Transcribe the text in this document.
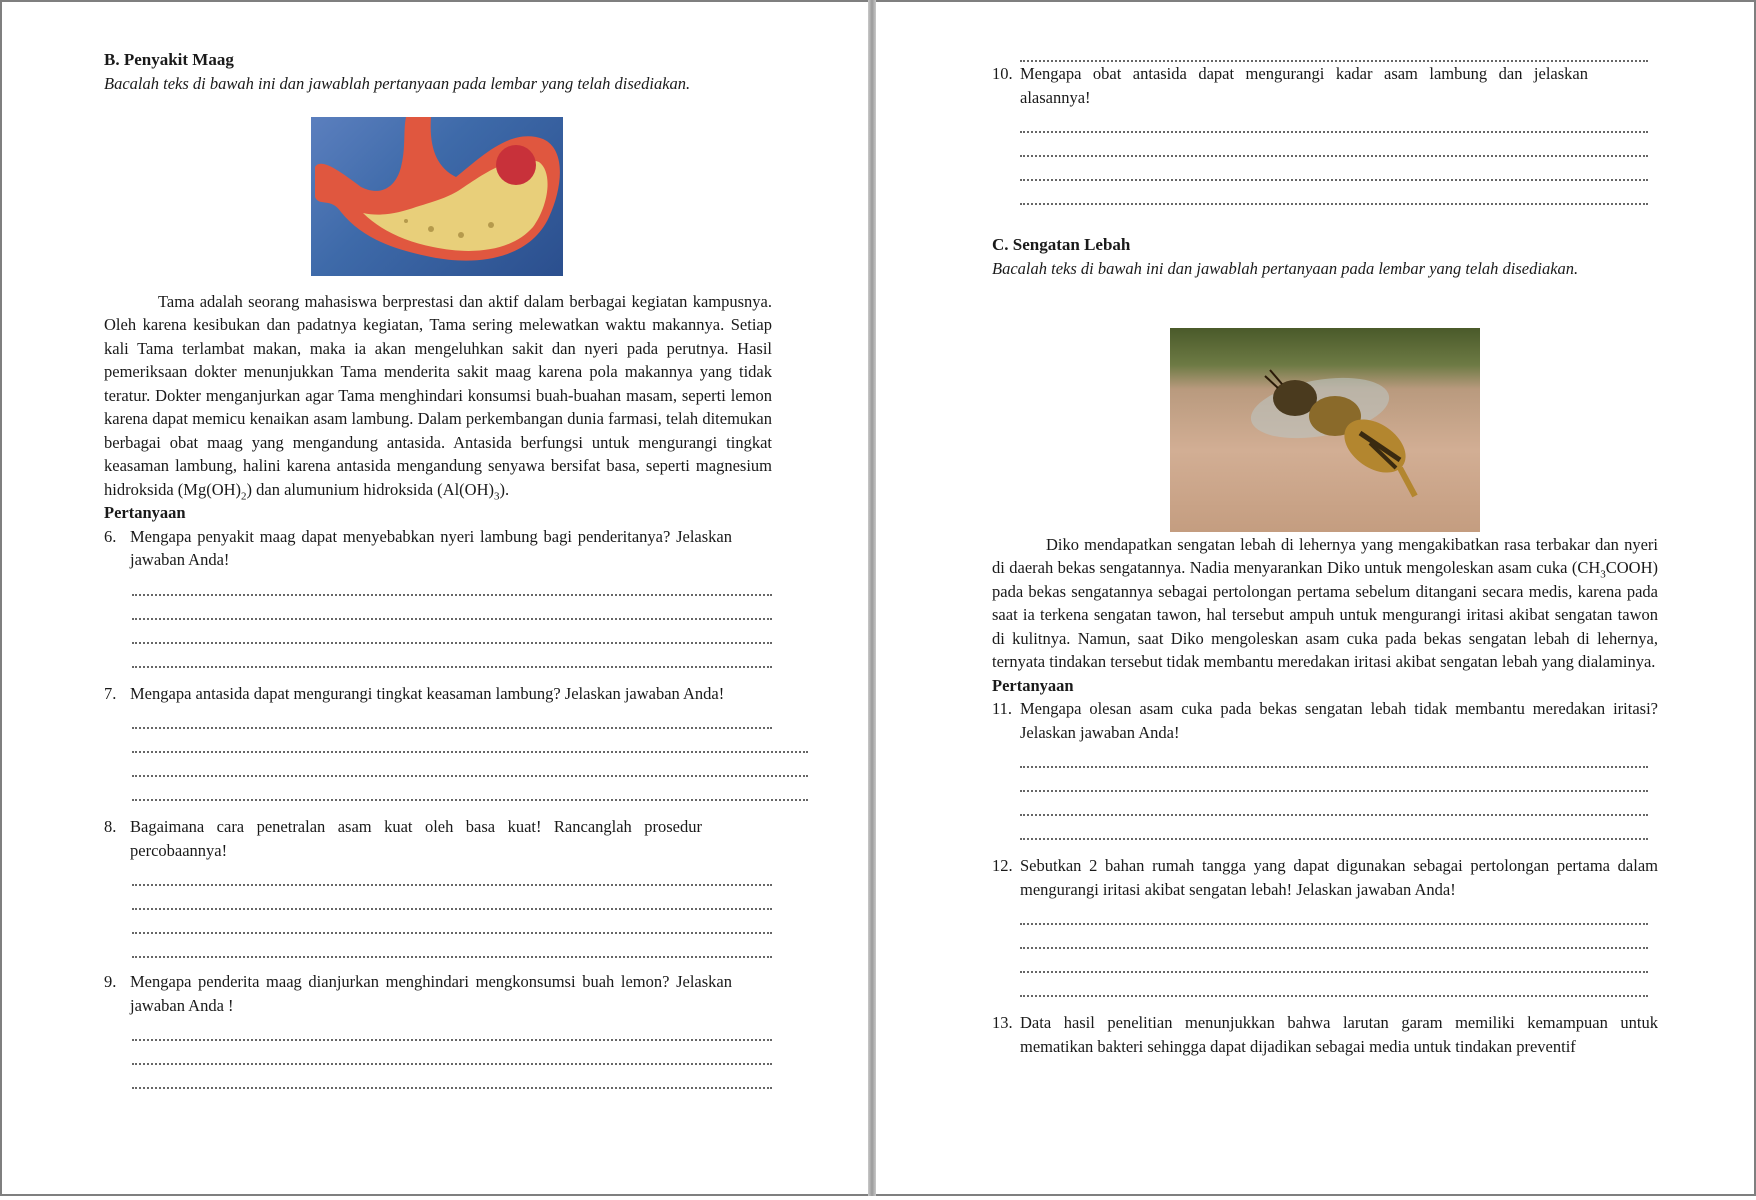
B. Penyakit Maag

Bacalah teks di bawah ini dan jawablah pertanyaan pada lembar yang telah disediakan.

Tama adalah seorang mahasiswa berprestasi dan aktif dalam berbagai kegiatan kampusnya. Oleh karena kesibukan dan padatnya kegiatan, Tama sering melewatkan waktu makannya. Setiap kali Tama terlambat makan, maka ia akan mengeluhkan sakit dan nyeri pada perutnya. Hasil pemeriksaan dokter menunjukkan Tama menderita sakit maag karena pola makannya yang tidak teratur. Dokter menganjurkan agar Tama menghindari konsumsi buah-buahan masam, seperti lemon karena dapat memicu kenaikan asam lambung. Dalam perkembangan dunia farmasi, telah ditemukan berbagai obat maag yang mengandung antasida. Antasida berfungsi untuk mengurangi tingkat keasaman lambung, halini karena antasida mengandung senyawa bersifat basa, seperti magnesium hidroksida $(Mg(OH)_2)$ dan alumunium hidroksida $(Al(OH)_3)$.

Pertanyaan

6. Mengapa penyakit maag dapat menyebabkan nyeri lambung bagi penderitanya? Jelaskan jawaban Anda!
7. Mengapa antasida dapat mengurangi tingkat keasaman lambung? Jelaskan jawaban Anda!
8. Bagaimana cara penetralan asam kuat oleh basa kuat! Rancanglah prosedur percobaannya!
9. Mengapa penderita maag dianjurkan menghindari mengkonsumsi buah lemon? Jelaskan jawaban Anda !
10. Mengapa obat antasida dapat mengurangi kadar asam lambung dan jelaskan alasannya!

C. Sengatan Lebah

Bacalah teks di bawah ini dan jawablah pertanyaan pada lembar yang telah disediakan.

Diko mendapatkan sengatan lebah di lehernya yang mengakibatkan rasa terbakar dan nyeri di daerah bekas sengatannya. Nadia menyarankan Diko untuk mengoleskan asam cuka $(CH_3COOH)$ pada bekas sengatannya sebagai pertolongan pertama sebelum ditangani secara medis, karena pada saat ia terkena sengatan tawon, hal tersebut ampuh untuk mengurangi iritasi akibat sengatan tawon di kulitnya. Namun, saat Diko mengoleskan asam cuka pada bekas sengatan lebah di lehernya, ternyata tindakan tersebut tidak membantu meredakan iritasi akibat sengatan lebah yang dialaminya.

Pertanyaan

11. Mengapa olesan asam cuka pada bekas sengatan lebah tidak membantu meredakan iritasi? Jelaskan jawaban Anda!
12. Sebutkan 2 bahan rumah tangga yang dapat digunakan sebagai pertolongan pertama dalam mengurangi iritasi akibat sengatan lebah! Jelaskan jawaban Anda!
13. Data hasil penelitian menunjukkan bahwa larutan garam memiliki kemampuan untuk mematikan bakteri sehingga dapat dijadikan sebagai media untuk tindakan preventif
